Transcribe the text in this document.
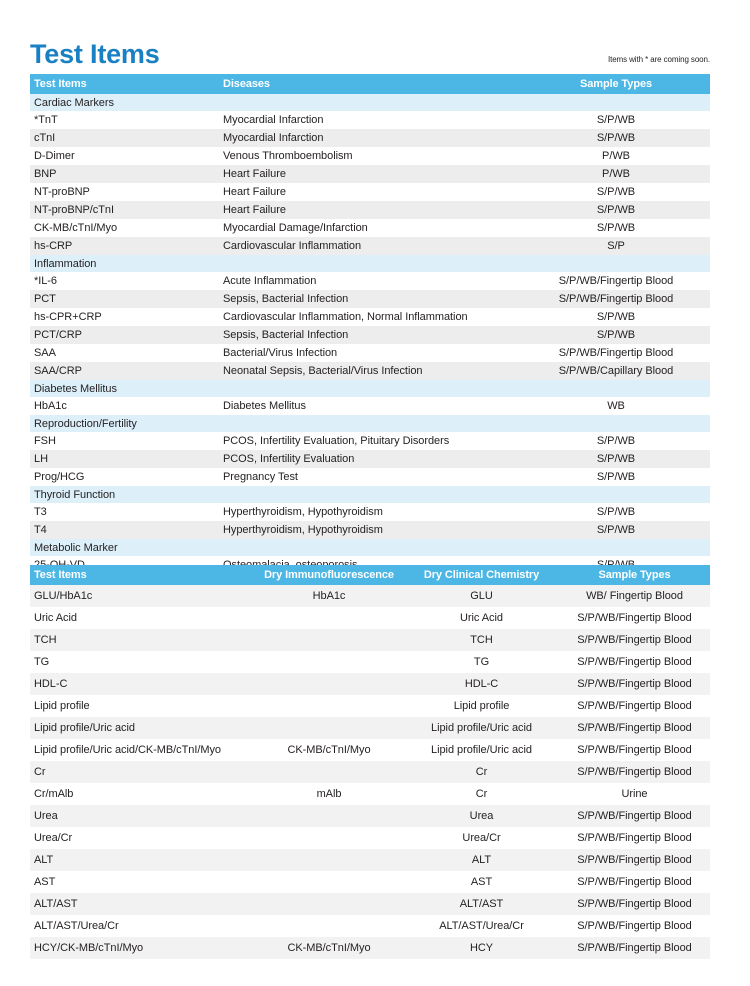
Test Items	Items with * are coming soon.
Test Items	Diseases	Sample Types
Cardiac Markers		
*TnT	Myocardial Infarction	S/P/WB
cTnI	Myocardial Infarction	S/P/WB
D-Dimer	Venous Thromboembolism	P/WB
BNP	Heart Failure	P/WB
NT-proBNP	Heart Failure	S/P/WB
NT-proBNP/cTnI	Heart Failure	S/P/WB
CK-MB/cTnI/Myo	Myocardial Damage/Infarction	S/P/WB
hs-CRP	Cardiovascular Inflammation	S/P
Inflammation		
*IL-6	Acute Inflammation	S/P/WB/Fingertip Blood
PCT	Sepsis, Bacterial Infection	S/P/WB/Fingertip Blood
hs-CPR+CRP	Cardiovascular Inflammation, Normal Inflammation	S/P/WB
PCT/CRP	Sepsis, Bacterial Infection	S/P/WB
SAA	Bacterial/Virus Infection	S/P/WB/Fingertip Blood
SAA/CRP	Neonatal Sepsis, Bacterial/Virus Infection	S/P/WB/Capillary Blood
Diabetes Mellitus		
HbA1c	Diabetes Mellitus	WB
Reproduction/Fertility		
FSH	PCOS, Infertility Evaluation, Pituitary Disorders	S/P/WB
LH	PCOS, Infertility Evaluation	S/P/WB
Prog/HCG	Pregnancy Test	S/P/WB
Thyroid Function		
T3	Hyperthyroidism, Hypothyroidism	S/P/WB
T4	Hyperthyroidism, Hypothyroidism	S/P/WB
Metabolic Marker		

Test Items	Dry Immunofluorescence	Dry Clinical Chemistry	Sample Types
GLU/HbA1c	HbA1c	GLU	WB/ Fingertip Blood
Uric Acid		Uric Acid	S/P/WB/Fingertip Blood
TCH		TCH	S/P/WB/Fingertip Blood
TG		TG	S/P/WB/Fingertip Blood
HDL-C		HDL-C	S/P/WB/Fingertip Blood
Lipid profile		Lipid profile	S/P/WB/Fingertip Blood
Lipid profile/Uric acid		Lipid profile/Uric acid	S/P/WB/Fingertip Blood
Lipid profile/Uric acid/CK-MB/cTnI/Myo	CK-MB/cTnI/Myo	Lipid profile/Uric acid	S/P/WB/Fingertip Blood
Cr		Cr	S/P/WB/Fingertip Blood
Cr/mAlb	mAlb	Cr	Urine
Urea		Urea	S/P/WB/Fingertip Blood
Urea/Cr		Urea/Cr	S/P/WB/Fingertip Blood
ALT		ALT	S/P/WB/Fingertip Blood
AST		AST	S/P/WB/Fingertip Blood
ALT/AST		ALT/AST	S/P/WB/Fingertip Blood
ALT/AST/Urea/Cr		ALT/AST/Urea/Cr	S/P/WB/Fingertip Blood
HCY/CK-MB/cTnI/Myo	CK-MB/cTnI/Myo	HCY	S/P/WB/Fingertip Blood
